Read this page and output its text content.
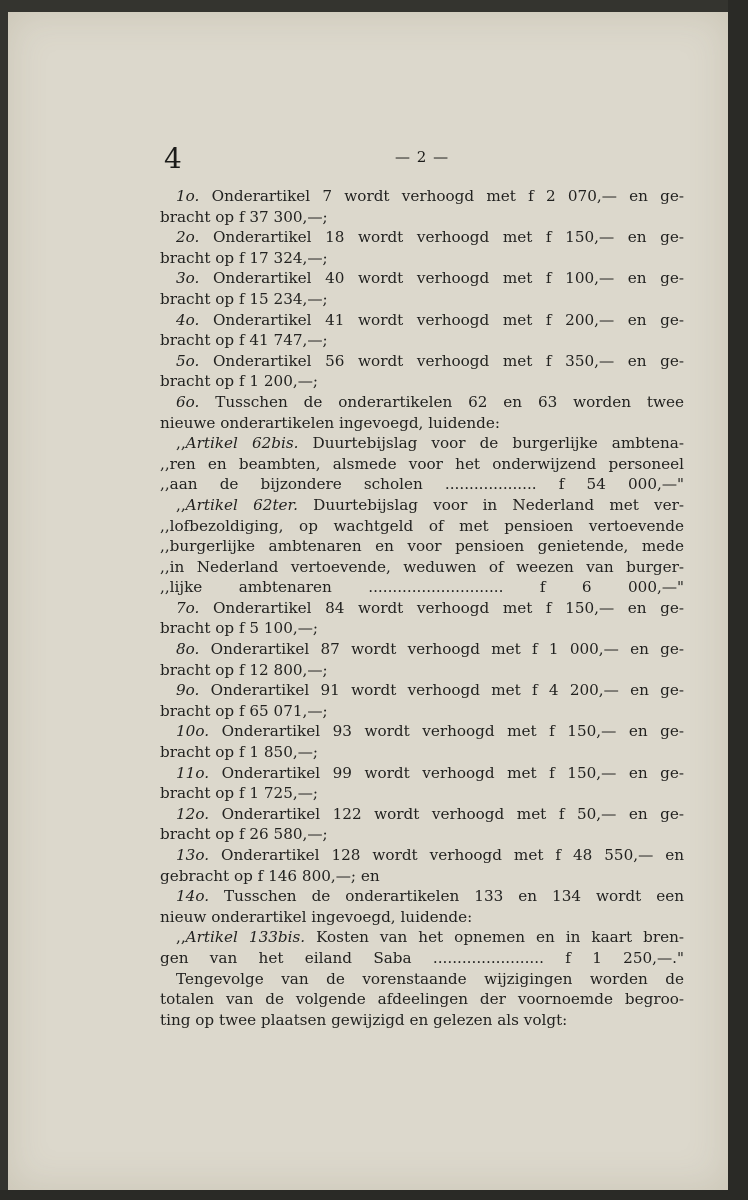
4	— 2 —
1o. Onderartikel 7 wordt verhoogd met f 2 070,— en ge-
bracht op f 37 300,—;
2o. Onderartikel 18 wordt verhoogd met f 150,— en ge-
bracht op f 17 324,—;
3o. Onderartikel 40 wordt verhoogd met f 100,— en ge-
bracht op f 15 234,—;
4o. Onderartikel 41 wordt verhoogd met f 200,— en ge-
bracht op f 41 747,—;
5o. Onderartikel 56 wordt verhoogd met f 350,— en ge-
bracht op f 1 200,—;
6o. Tusschen de onderartikelen 62 en 63 worden twee
nieuwe onderartikelen ingevoegd, luidende:
,,Artikel 62bis. Duurtebijslag voor de burgerlijke ambtena-
,,ren en beambten, alsmede voor het onderwijzend personeel
,,aan de bijzondere scholen ................... f 54 000,—"
,,Artikel 62ter. Duurtebijslag voor in Nederland met ver-
,,lofbezoldiging, op wachtgeld of met pensioen vertoevende
,,burgerlijke ambtenaren en voor pensioen genietende, mede
,,in Nederland vertoevende, weduwen of weezen van burger-
,,lijke ambtenaren ............................ f 6 000,—"
7o. Onderartikel 84 wordt verhoogd met f 150,— en ge-
bracht op f 5 100,—;
8o. Onderartikel 87 wordt verhoogd met f 1 000,— en ge-
bracht op f 12 800,—;
9o. Onderartikel 91 wordt verhoogd met f 4 200,— en ge-
bracht op f 65 071,—;
10o. Onderartikel 93 wordt verhoogd met f 150,— en ge-
bracht op f 1 850,—;
11o. Onderartikel 99 wordt verhoogd met f 150,— en ge-
bracht op f 1 725,—;
12o. Onderartikel 122 wordt verhoogd met f 50,— en ge-
bracht op f 26 580,—;
13o. Onderartikel 128 wordt verhoogd met f 48 550,— en
gebracht op f 146 800,—; en
14o. Tusschen de onderartikelen 133 en 134 wordt een
nieuw onderartikel ingevoegd, luidende:
,,Artikel 133bis. Kosten van het opnemen en in kaart bren-
gen van het eiland Saba ....................... f 1 250,—."
Tengevolge van de vorenstaande wijzigingen worden de
totalen van de volgende afdeelingen der voornoemde begroo-
ting op twee plaatsen gewijzigd en gelezen als volgt:
